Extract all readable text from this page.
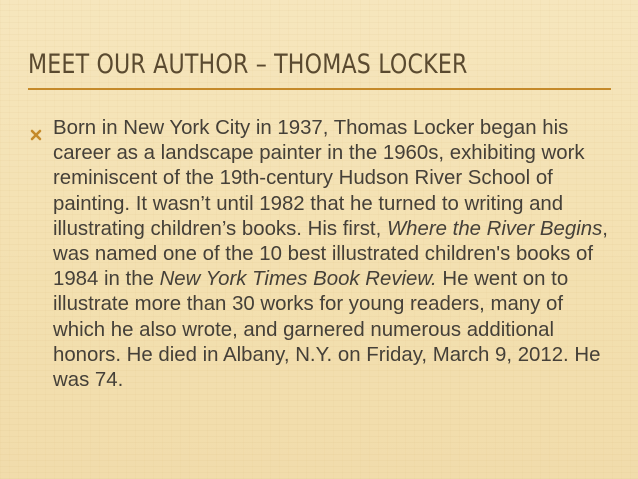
MEET OUR AUTHOR – THOMAS LOCKER
Born in New York City in 1937, Thomas Locker began his career as a landscape painter in the 1960s, exhibiting work reminiscent of the 19th-century Hudson River School of painting. It wasn’t until 1982 that he turned to writing and illustrating children’s books. His first, Where the River Begins, was named one of the 10 best illustrated children's books of 1984 in the New York Times Book Review. He went on to illustrate more than 30 works for young readers, many of which he also wrote, and garnered numerous additional honors. He died in Albany, N.Y. on Friday, March 9, 2012. He was 74.
